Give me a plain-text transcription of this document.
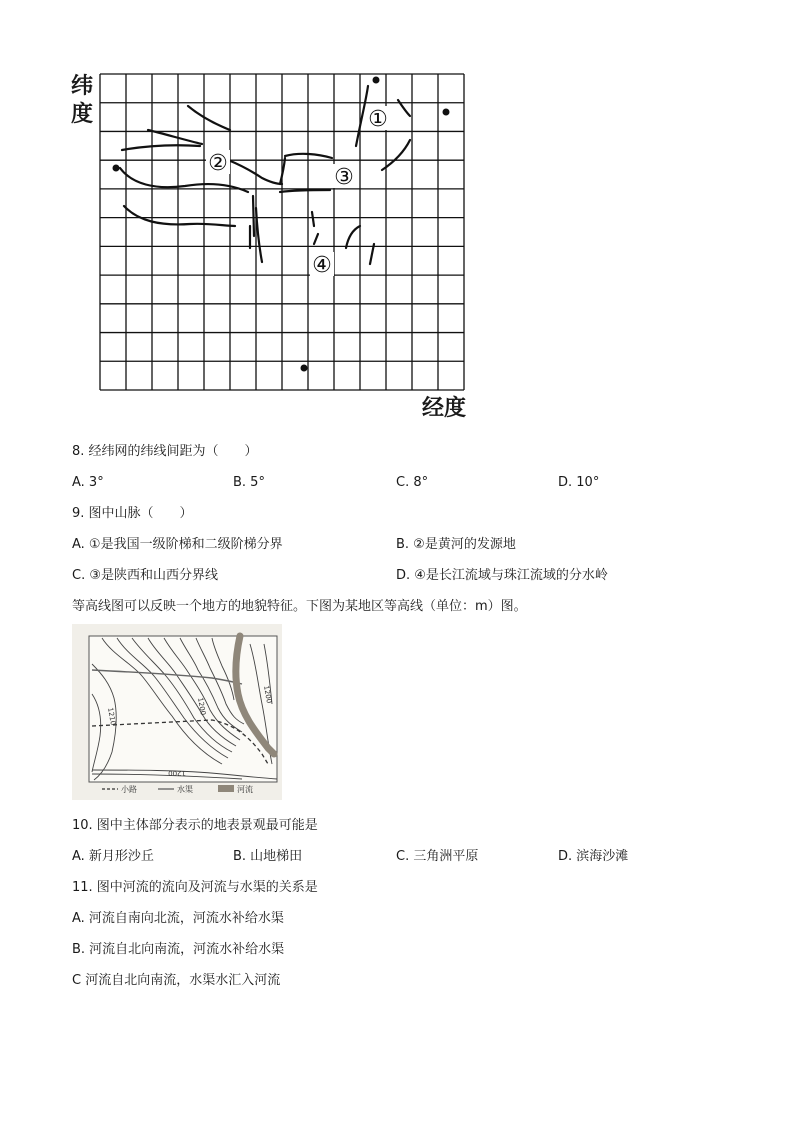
纬
度
经度
①
②
③
④
8. 经纬网的纬线间距为（　　）
A. 3°	B. 5°	C. 8°	D. 10°
9. 图中山脉（　　）
A. ①是我国一级阶梯和二级阶梯分界	B. ②是黄河的发源地
C. ③是陕西和山西分界线	D. ④是长江流域与珠江流域的分水岭
等高线图可以反映一个地方的地貌特征。下图为某地区等高线（单位：m）图。
1210
1200
1200
1200
小路	水渠	河流
10. 图中主体部分表示的地表景观最可能是
A. 新月形沙丘	B. 山地梯田	C. 三角洲平原	D. 滨海沙滩
11. 图中河流的流向及河流与水渠的关系是
A. 河流自南向北流，河流水补给水渠
B. 河流自北向南流，河流水补给水渠
C 河流自北向南流，水渠水汇入河流
